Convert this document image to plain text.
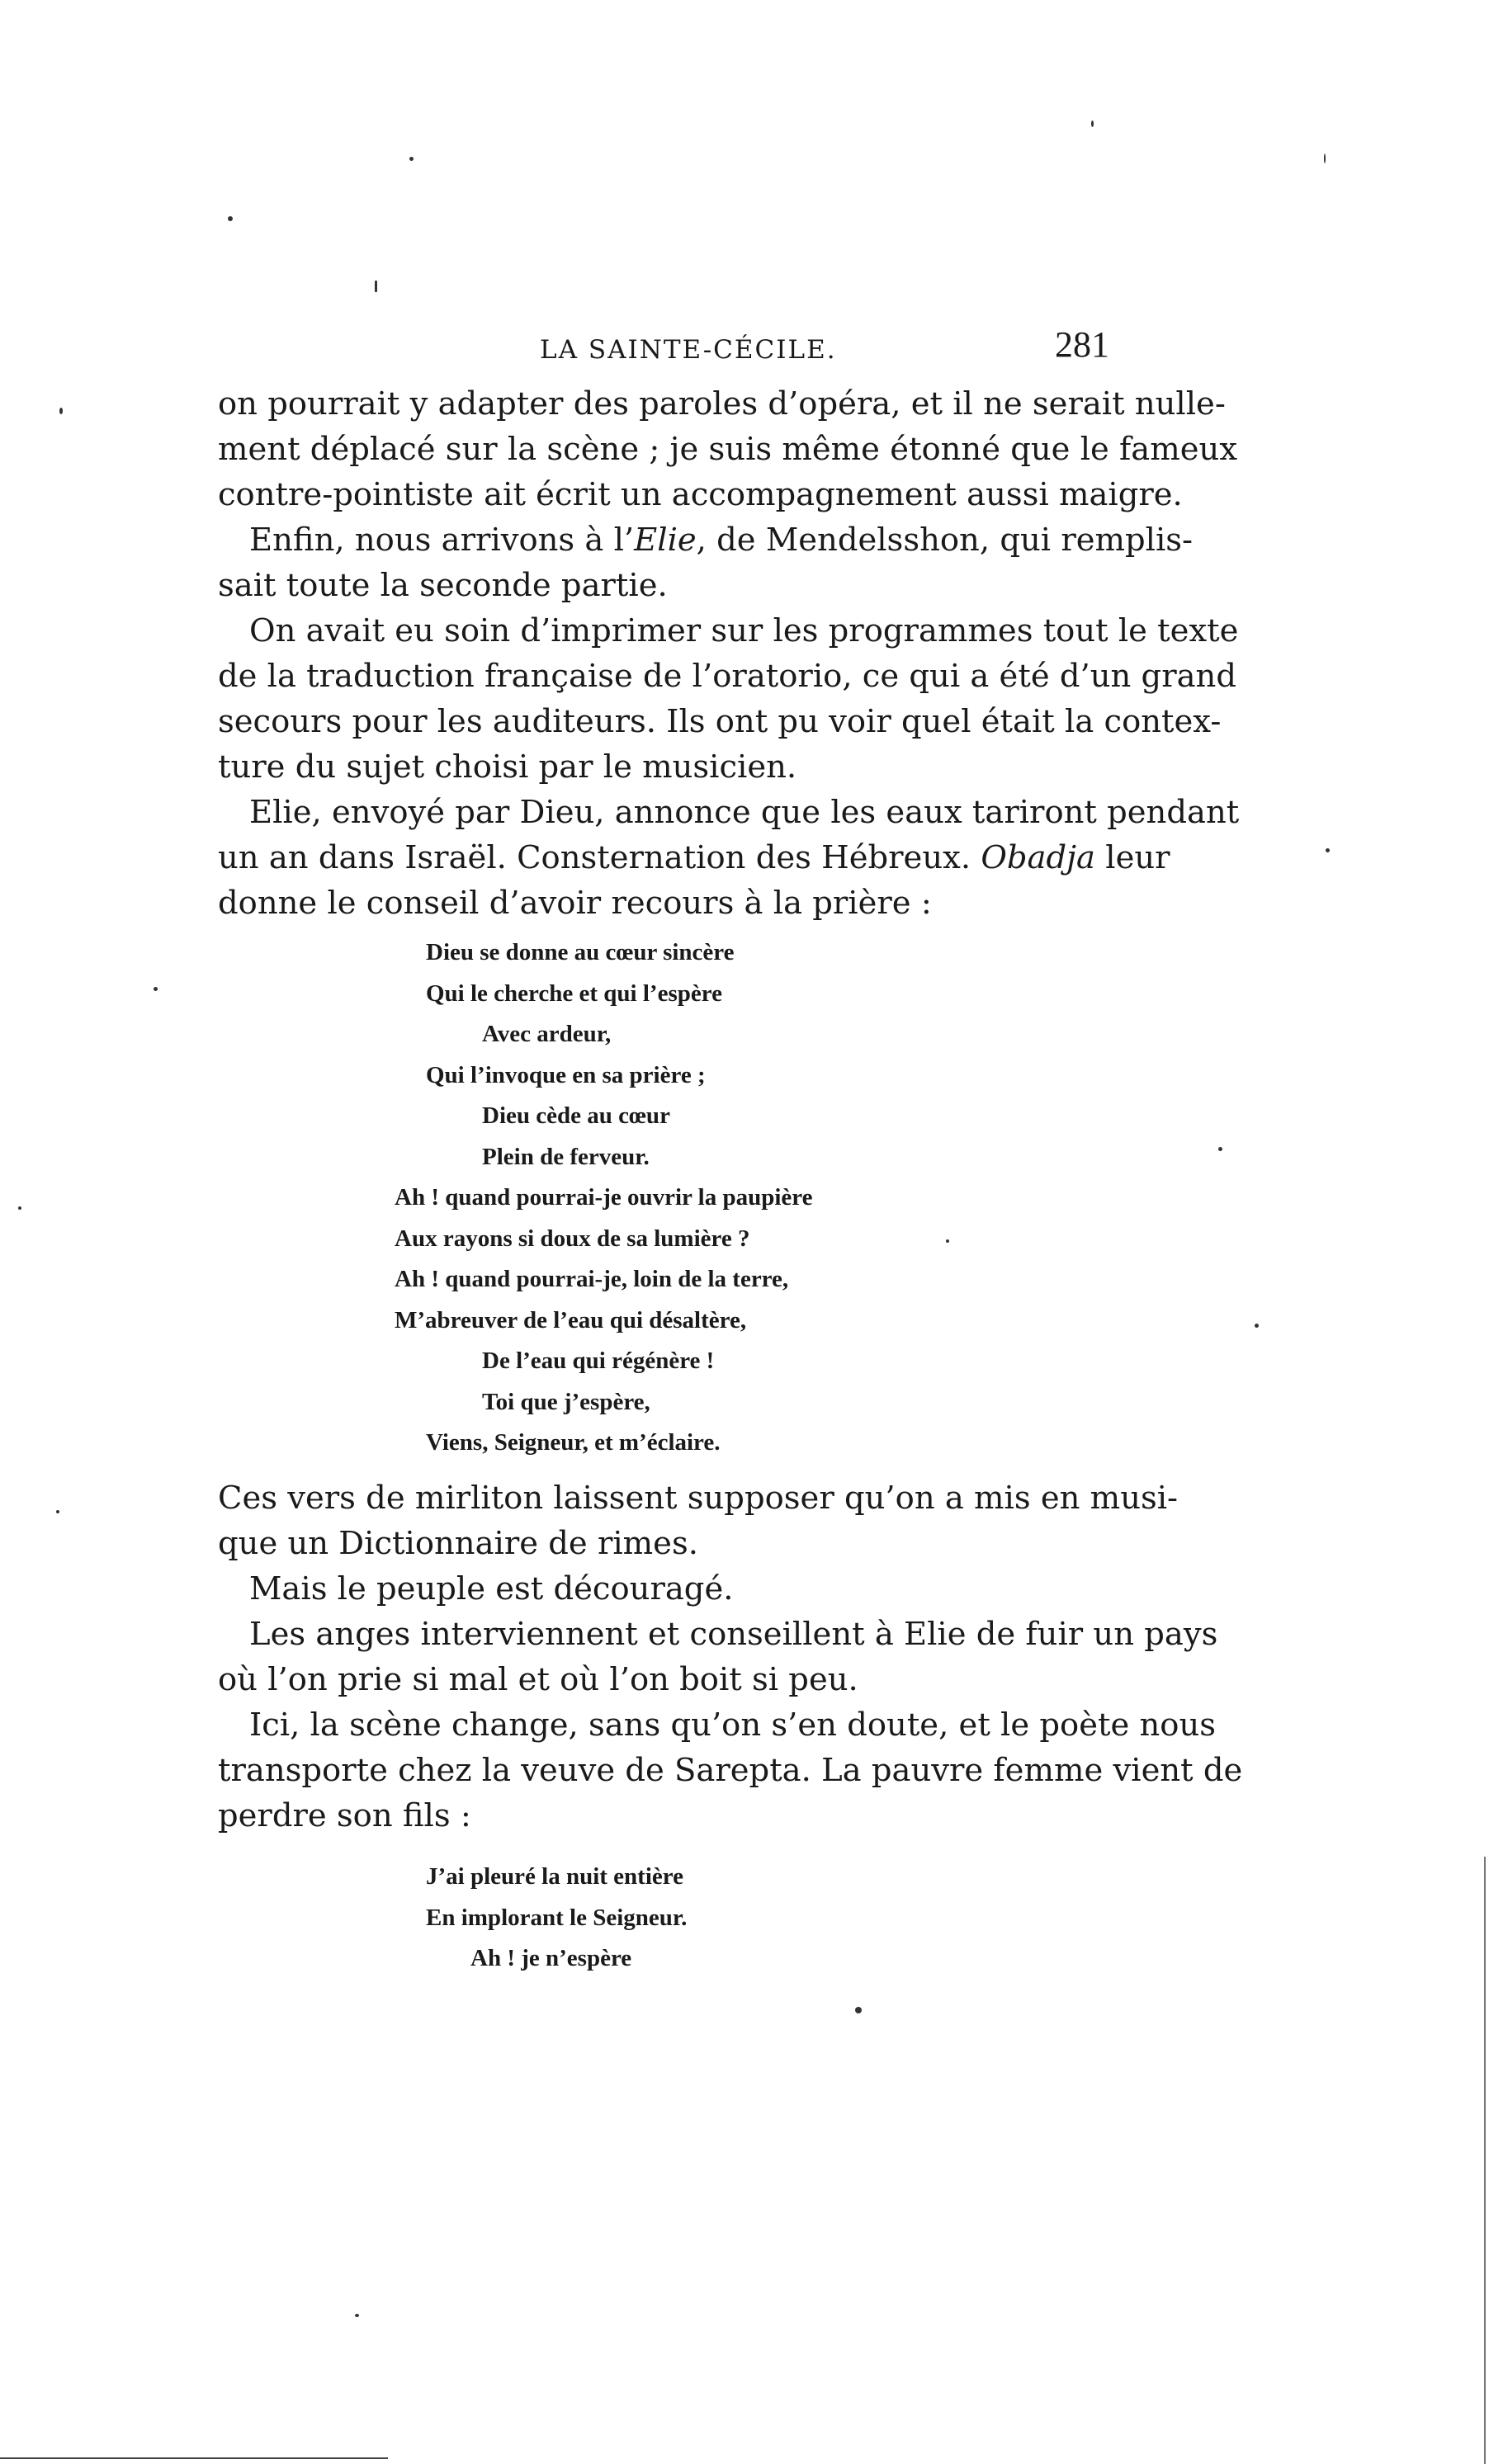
LA SAINTE-CÉCILE.	281

on pourrait y adapter des paroles d’opéra, et il ne serait nulle-
ment déplacé sur la scène ; je suis même étonné que le fameux
contre-pointiste ait écrit un accompagnement aussi maigre.

Enfin, nous arrivons à l’Elie, de Mendelsshon, qui remplis-
sait toute la seconde partie.

On avait eu soin d’imprimer sur les programmes tout le texte
de la traduction française de l’oratorio, ce qui a été d’un grand
secours pour les auditeurs. Ils ont pu voir quel était la contex-
ture du sujet choisi par le musicien.

Elie, envoyé par Dieu, annonce que les eaux tariront pendant
un an dans Israël. Consternation des Hébreux. Obadja leur
donne le conseil d’avoir recours à la prière :

Dieu se donne au cœur sincère
Qui le cherche et qui l’espère
Avec ardeur,
Qui l’invoque en sa prière ;
Dieu cède au cœur
Plein de ferveur.
Ah ! quand pourrai-je ouvrir la paupière
Aux rayons si doux de sa lumière ?
Ah ! quand pourrai-je, loin de la terre,
M’abreuver de l’eau qui désaltère,
De l’eau qui régénère !
Toi que j’espère,
Viens, Seigneur, et m’éclaire.

Ces vers de mirliton laissent supposer qu’on a mis en musi-
que un Dictionnaire de rimes.

Mais le peuple est découragé.

Les anges interviennent et conseillent à Elie de fuir un pays
où l’on prie si mal et où l’on boit si peu.

Ici, la scène change, sans qu’on s’en doute, et le poète nous
transporte chez la veuve de Sarepta. La pauvre femme vient de
perdre son fils :

J’ai pleuré la nuit entière
En implorant le Seigneur.
Ah ! je n’espère
